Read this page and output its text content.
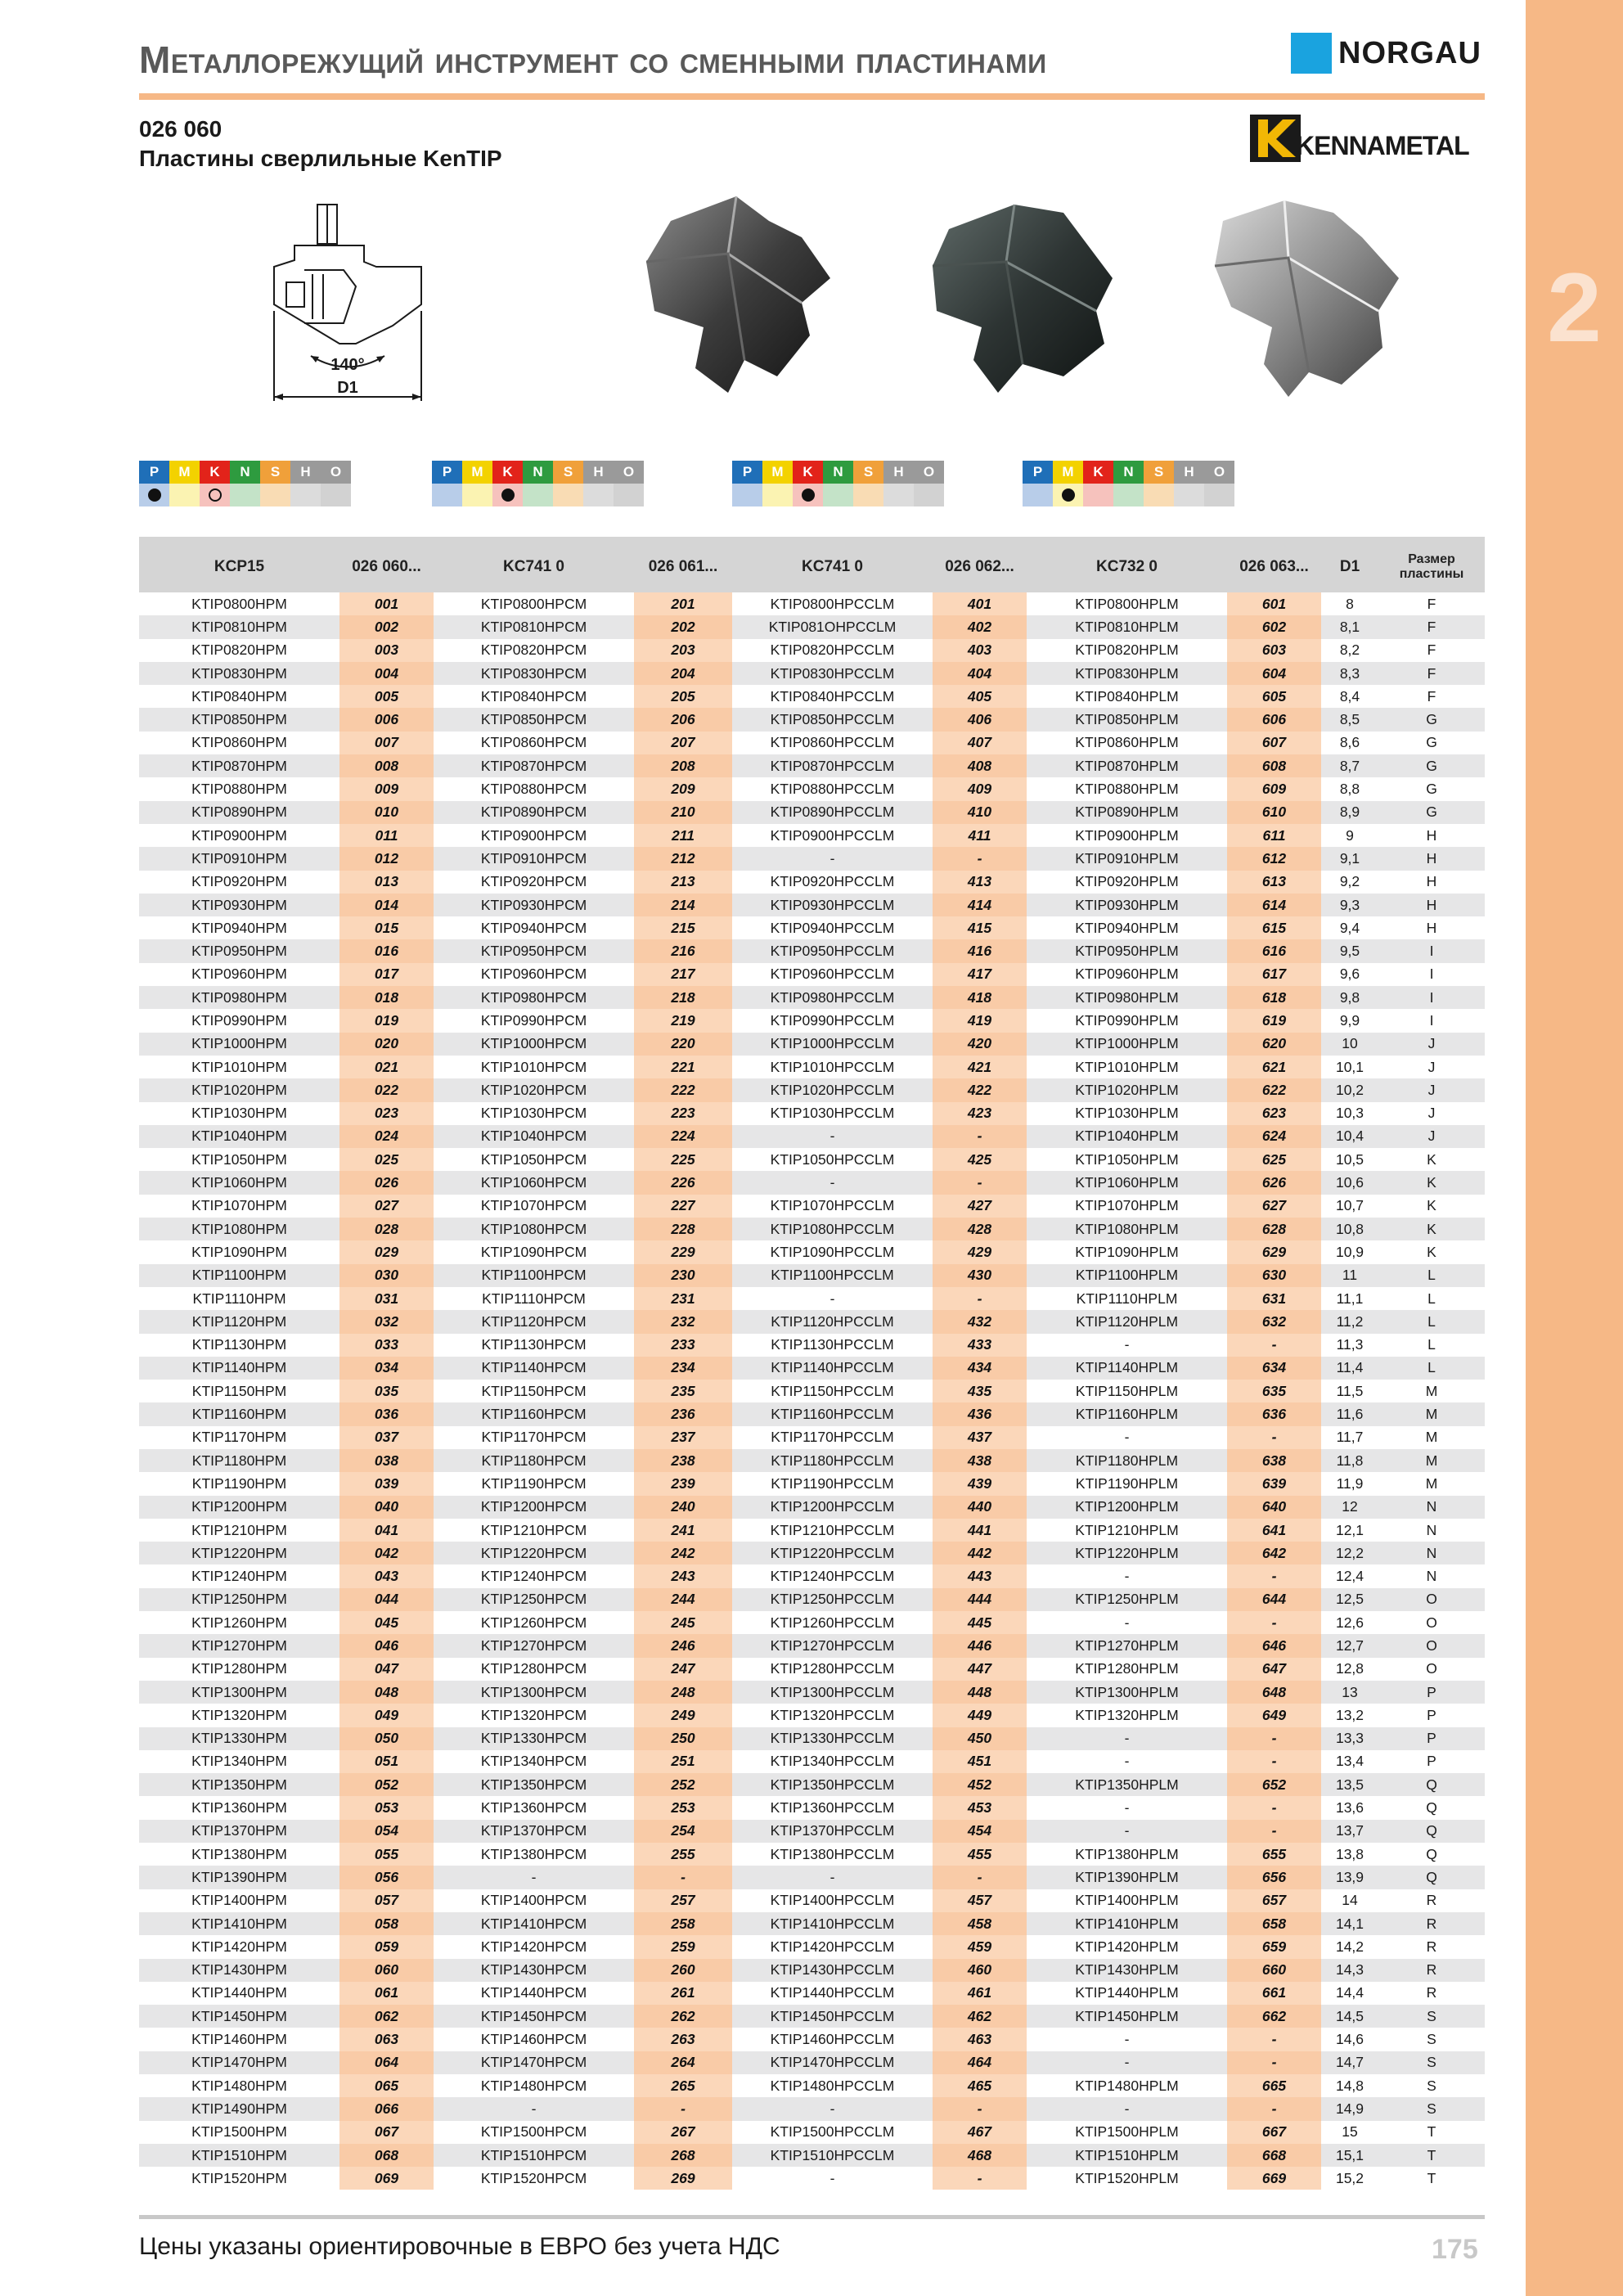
2
Металлорежущий инструмент со сменными пластинами	NORGAU
026 060
Пластины сверлильные KenTIP	KENNAMETAL
140°
D1
P	M	K	N	S	H	O	P	M	K	N	S	H	O	P	M	K	N	S	H	O	P	M	K	N	S	H	O
KCP15	026 060...	KC741 0	026 061...	KC741 0	026 062...	KC732 0	026 063...	D1	Размер пластины
KTIP0800HPM	001	KTIP0800HPCM	201	KTIP0800HPCCLM	401	KTIP0800HPLM	601	8	F
KTIP0810HPM	002	KTIP0810HPCM	202	KTIP081OHPCCLM	402	KTIP0810HPLM	602	8,1	F
KTIP0820HPM	003	KTIP0820HPCM	203	KTIP0820HPCCLM	403	KTIP0820HPLM	603	8,2	F
KTIP0830HPM	004	KTIP0830HPCM	204	KTIP0830HPCCLM	404	KTIP0830HPLM	604	8,3	F
KTIP0840HPM	005	KTIP0840HPCM	205	KTIP0840HPCCLM	405	KTIP0840HPLM	605	8,4	F
KTIP0850HPM	006	KTIP0850HPCM	206	KTIP0850HPCCLM	406	KTIP0850HPLM	606	8,5	G
KTIP0860HPM	007	KTIP0860HPCM	207	KTIP0860HPCCLM	407	KTIP0860HPLM	607	8,6	G
KTIP0870HPM	008	KTIP0870HPCM	208	KTIP0870HPCCLM	408	KTIP0870HPLM	608	8,7	G
KTIP0880HPM	009	KTIP0880HPCM	209	KTIP0880HPCCLM	409	KTIP0880HPLM	609	8,8	G
KTIP0890HPM	010	KTIP0890HPCM	210	KTIP0890HPCCLM	410	KTIP0890HPLM	610	8,9	G
KTIP0900HPM	011	KTIP0900HPCM	211	KTIP0900HPCCLM	411	KTIP0900HPLM	611	9	H
KTIP0910HPM	012	KTIP0910HPCM	212	-	-	KTIP0910HPLM	612	9,1	H
KTIP0920HPM	013	KTIP0920HPCM	213	KTIP0920HPCCLM	413	KTIP0920HPLM	613	9,2	H
KTIP0930HPM	014	KTIP0930HPCM	214	KTIP0930HPCCLM	414	KTIP0930HPLM	614	9,3	H
KTIP0940HPM	015	KTIP0940HPCM	215	KTIP0940HPCCLM	415	KTIP0940HPLM	615	9,4	H
KTIP0950HPM	016	KTIP0950HPCM	216	KTIP0950HPCCLM	416	KTIP0950HPLM	616	9,5	I
KTIP0960HPM	017	KTIP0960HPCM	217	KTIP0960HPCCLM	417	KTIP0960HPLM	617	9,6	I
KTIP0980HPM	018	KTIP0980HPCM	218	KTIP0980HPCCLM	418	KTIP0980HPLM	618	9,8	I
KTIP0990HPM	019	KTIP0990HPCM	219	KTIP0990HPCCLM	419	KTIP0990HPLM	619	9,9	I
KTIP1000HPM	020	KTIP1000HPCM	220	KTIP1000HPCCLM	420	KTIP1000HPLM	620	10	J
KTIP1010HPM	021	KTIP1010HPCM	221	KTIP1010HPCCLM	421	KTIP1010HPLM	621	10,1	J
KTIP1020HPM	022	KTIP1020HPCM	222	KTIP1020HPCCLM	422	KTIP1020HPLM	622	10,2	J
KTIP1030HPM	023	KTIP1030HPCM	223	KTIP1030HPCCLM	423	KTIP1030HPLM	623	10,3	J
KTIP1040HPM	024	KTIP1040HPCM	224	-	-	KTIP1040HPLM	624	10,4	J
KTIP1050HPM	025	KTIP1050HPCM	225	KTIP1050HPCCLM	425	KTIP1050HPLM	625	10,5	K
KTIP1060HPM	026	KTIP1060HPCM	226	-	-	KTIP1060HPLM	626	10,6	K
KTIP1070HPM	027	KTIP1070HPCM	227	KTIP1070HPCCLM	427	KTIP1070HPLM	627	10,7	K
KTIP1080HPM	028	KTIP1080HPCM	228	KTIP1080HPCCLM	428	KTIP1080HPLM	628	10,8	K
KTIP1090HPM	029	KTIP1090HPCM	229	KTIP1090HPCCLM	429	KTIP1090HPLM	629	10,9	K
KTIP1100HPM	030	KTIP1100HPCM	230	KTIP1100HPCCLM	430	KTIP1100HPLM	630	11	L
KTIP1110HPM	031	KTIP1110HPCM	231	-	-	KTIP1110HPLM	631	11,1	L
KTIP1120HPM	032	KTIP1120HPCM	232	KTIP1120HPCCLM	432	KTIP1120HPLM	632	11,2	L
KTIP1130HPM	033	KTIP1130HPCM	233	KTIP1130HPCCLM	433	-	-	11,3	L
KTIP1140HPM	034	KTIP1140HPCM	234	KTIP1140HPCCLM	434	KTIP1140HPLM	634	11,4	L
KTIP1150HPM	035	KTIP1150HPCM	235	KTIP1150HPCCLM	435	KTIP1150HPLM	635	11,5	M
KTIP1160HPM	036	KTIP1160HPCM	236	KTIP1160HPCCLM	436	KTIP1160HPLM	636	11,6	M
KTIP1170HPM	037	KTIP1170HPCM	237	KTIP1170HPCCLM	437	-	-	11,7	M
KTIP1180HPM	038	KTIP1180HPCM	238	KTIP1180HPCCLM	438	KTIP1180HPLM	638	11,8	M
KTIP1190HPM	039	KTIP1190HPCM	239	KTIP1190HPCCLM	439	KTIP1190HPLM	639	11,9	M
KTIP1200HPM	040	KTIP1200HPCM	240	KTIP1200HPCCLM	440	KTIP1200HPLM	640	12	N
KTIP1210HPM	041	KTIP1210HPCM	241	KTIP1210HPCCLM	441	KTIP1210HPLM	641	12,1	N
KTIP1220HPM	042	KTIP1220HPCM	242	KTIP1220HPCCLM	442	KTIP1220HPLM	642	12,2	N
KTIP1240HPM	043	KTIP1240HPCM	243	KTIP1240HPCCLM	443	-	-	12,4	N
KTIP1250HPM	044	KTIP1250HPCM	244	KTIP1250HPCCLM	444	KTIP1250HPLM	644	12,5	O
KTIP1260HPM	045	KTIP1260HPCM	245	KTIP1260HPCCLM	445	-	-	12,6	O
KTIP1270HPM	046	KTIP1270HPCM	246	KTIP1270HPCCLM	446	KTIP1270HPLM	646	12,7	O
KTIP1280HPM	047	KTIP1280HPCM	247	KTIP1280HPCCLM	447	KTIP1280HPLM	647	12,8	O
KTIP1300HPM	048	KTIP1300HPCM	248	KTIP1300HPCCLM	448	KTIP1300HPLM	648	13	P
KTIP1320HPM	049	KTIP1320HPCM	249	KTIP1320HPCCLM	449	KTIP1320HPLM	649	13,2	P
KTIP1330HPM	050	KTIP1330HPCM	250	KTIP1330HPCCLM	450	-	-	13,3	P
KTIP1340HPM	051	KTIP1340HPCM	251	KTIP1340HPCCLM	451	-	-	13,4	P
KTIP1350HPM	052	KTIP1350HPCM	252	KTIP1350HPCCLM	452	KTIP1350HPLM	652	13,5	Q
KTIP1360HPM	053	KTIP1360HPCM	253	KTIP1360HPCCLM	453	-	-	13,6	Q
KTIP1370HPM	054	KTIP1370HPCM	254	KTIP1370HPCCLM	454	-	-	13,7	Q
KTIP1380HPM	055	KTIP1380HPCM	255	KTIP1380HPCCLM	455	KTIP1380HPLM	655	13,8	Q
KTIP1390HPM	056	-	-	-	-	KTIP1390HPLM	656	13,9	Q
KTIP1400HPM	057	KTIP1400HPCM	257	KTIP1400HPCCLM	457	KTIP1400HPLM	657	14	R
KTIP1410HPM	058	KTIP1410HPCM	258	KTIP1410HPCCLM	458	KTIP1410HPLM	658	14,1	R
KTIP1420HPM	059	KTIP1420HPCM	259	KTIP1420HPCCLM	459	KTIP1420HPLM	659	14,2	R
KTIP1430HPM	060	KTIP1430HPCM	260	KTIP1430HPCCLM	460	KTIP1430HPLM	660	14,3	R
KTIP1440HPM	061	KTIP1440HPCM	261	KTIP1440HPCCLM	461	KTIP1440HPLM	661	14,4	R
KTIP1450HPM	062	KTIP1450HPCM	262	KTIP1450HPCCLM	462	KTIP1450HPLM	662	14,5	S
KTIP1460HPM	063	KTIP1460HPCM	263	KTIP1460HPCCLM	463	-	-	14,6	S
KTIP1470HPM	064	KTIP1470HPCM	264	KTIP1470HPCCLM	464	-	-	14,7	S
KTIP1480HPM	065	KTIP1480HPCM	265	KTIP1480HPCCLM	465	KTIP1480HPLM	665	14,8	S
KTIP1490HPM	066	-	-	-	-	-	-	14,9	S
KTIP1500HPM	067	KTIP1500HPCM	267	KTIP1500HPCCLM	467	KTIP1500HPLM	667	15	T
KTIP1510HPM	068	KTIP1510HPCM	268	KTIP1510HPCCLM	468	KTIP1510HPLM	668	15,1	T
KTIP1520HPM	069	KTIP1520HPCM	269	-	-	KTIP1520HPLM	669	15,2	T
Цены указаны ориентировочные в ЕВРО без учета НДС	175
